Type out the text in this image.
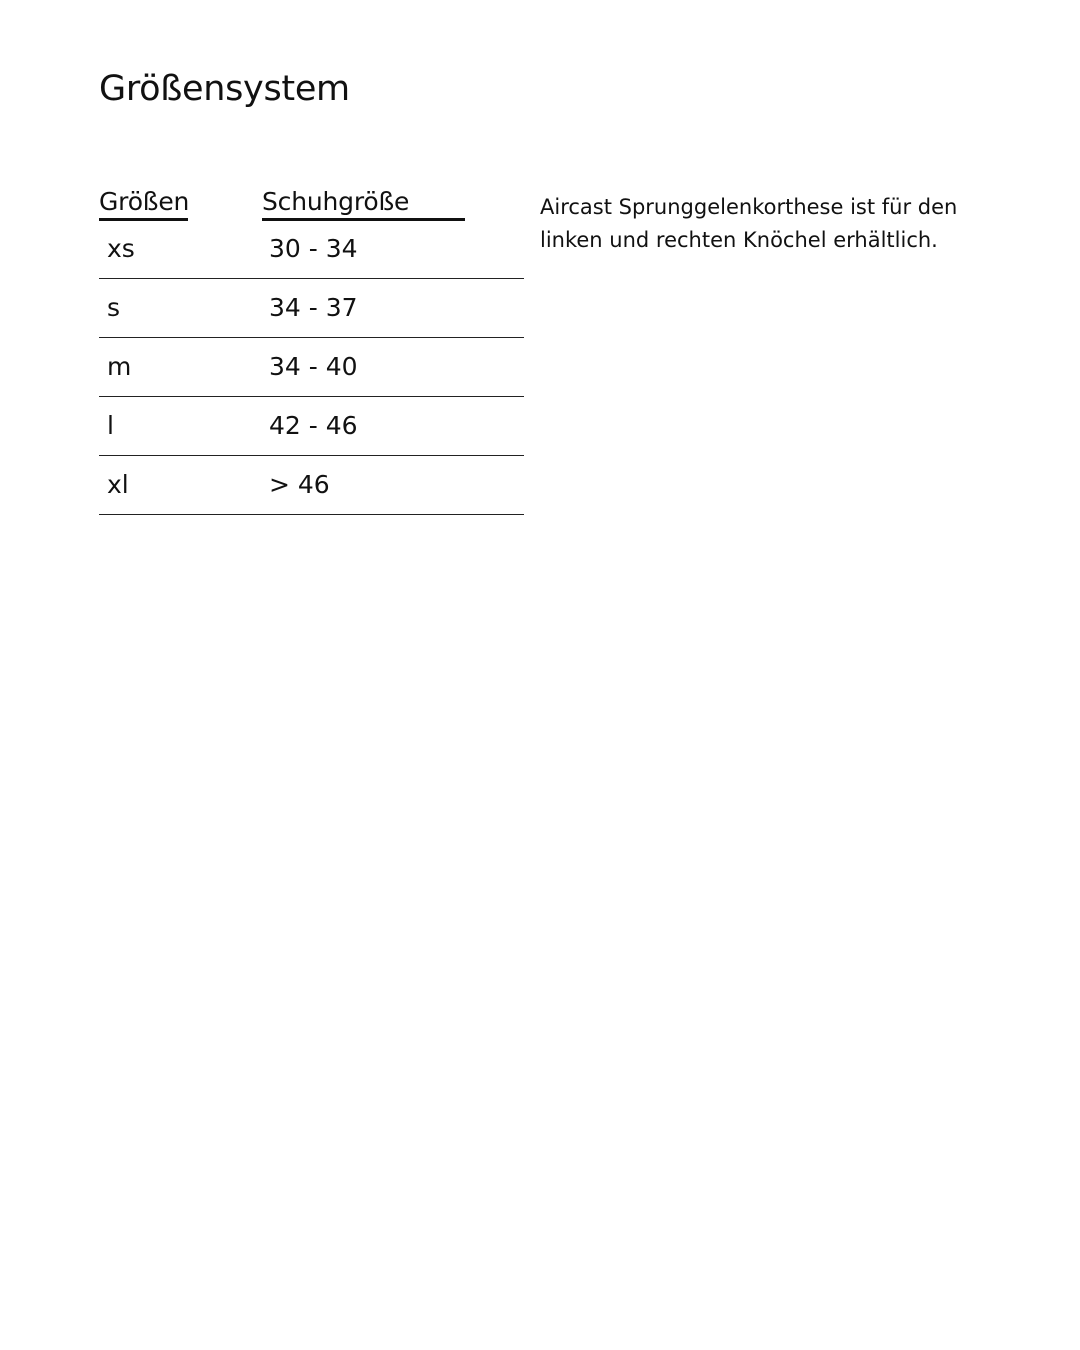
Größensystem
Größen	Schuhgröße
xs	30 - 34
s	34 - 37
m	34 - 40
l	42 - 46
xl	> 46

Aircast Sprunggelenkorthese ist für den linken und rechten Knöchel erhältlich.
